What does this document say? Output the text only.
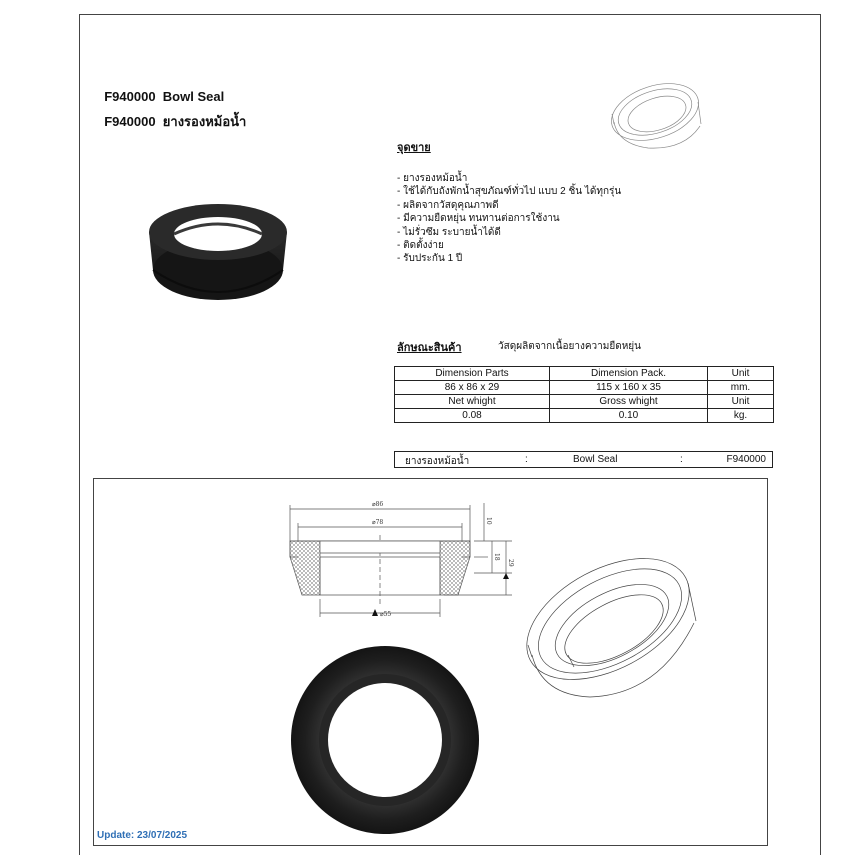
F940000 Bowl Seal

F940000 ยางรองหม้อน้ำ

จุดขาย
- ยางรองหม้อน้ำ
- ใช้ได้กับถังพักน้ำสุขภัณฑ์ทั่วไป แบบ 2 ชิ้น ได้ทุกรุ่น
- ผลิตจากวัสดุคุณภาพดี
- มีความยืดหยุ่น ทนทานต่อการใช้งาน
- ไม่รั่วซึม ระบายน้ำได้ดี
- ติดตั้งง่าย
- รับประกัน 1 ปี
ลักษณะสินค้า	วัสดุผลิตจากเนื้อยางความยืดหยุ่น
Dimension Parts	Dimension Pack.	Unit
86 x 86 x 29	115 x 160 x 35	mm.
Net whight	Gross whight	Unit
0.08	0.10	kg.
ยางรองหม้อน้ำ	:	Bowl Seal	:	F940000
⌀86
⌀78
⌀55
10
18
29
Update: 23/07/2025
